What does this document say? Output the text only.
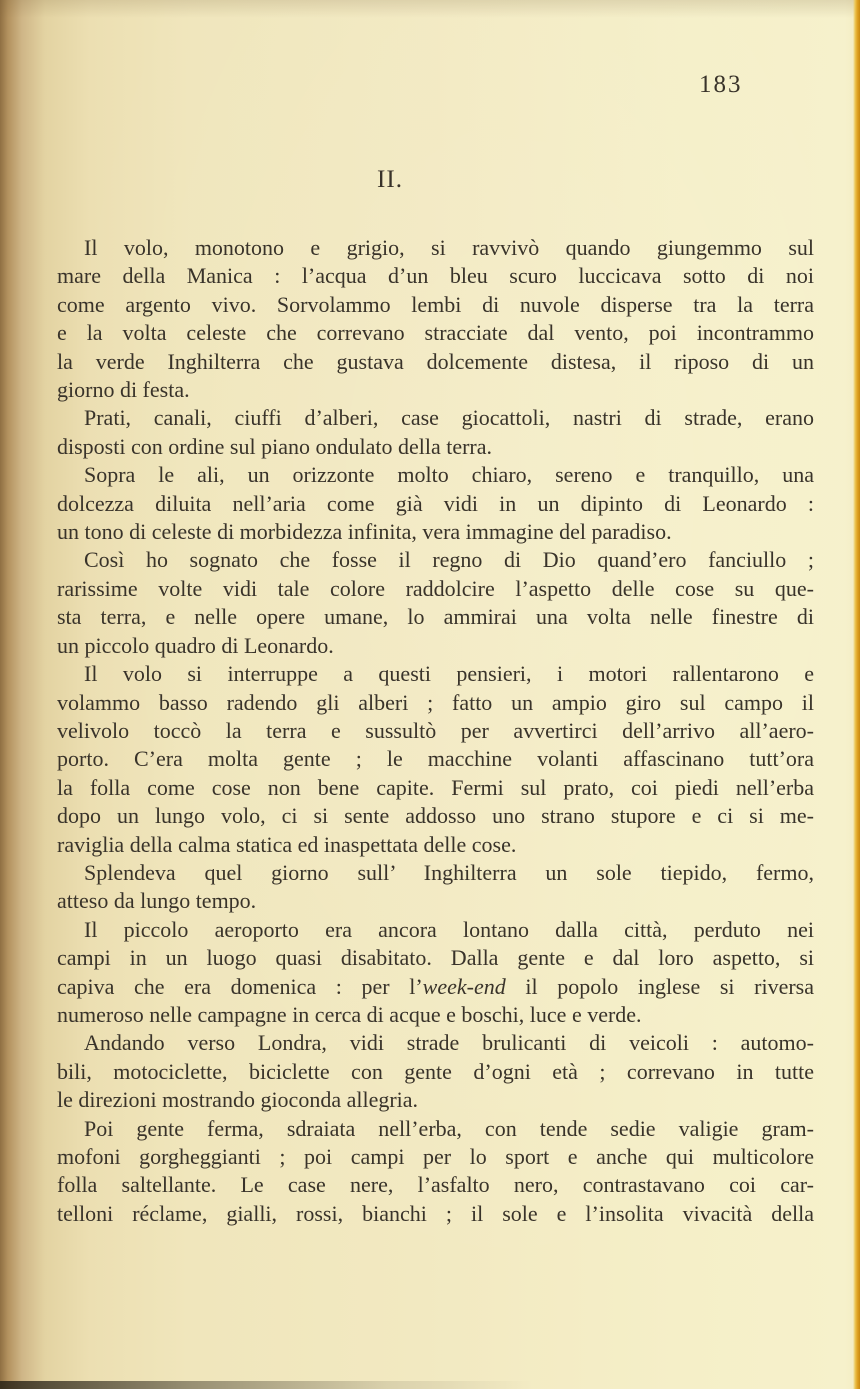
183
II.

Il volo, monotono e grigio, si ravvivò quando giungemmo sul
mare della Manica : l’acqua d’un bleu scuro luccicava sotto di noi
come argento vivo. Sorvolammo lembi di nuvole disperse tra la terra
e la volta celeste che correvano stracciate dal vento, poi incontrammo
la verde Inghilterra che gustava dolcemente distesa, il riposo di un
giorno di festa.

Prati, canali, ciuffi d’alberi, case giocattoli, nastri di strade, erano
disposti con ordine sul piano ondulato della terra.

Sopra le ali, un orizzonte molto chiaro, sereno e tranquillo, una
dolcezza diluita nell’aria come già vidi in un dipinto di Leonardo :
un tono di celeste di morbidezza infinita, vera immagine del paradiso.

Così ho sognato che fosse il regno di Dio quand’ero fanciullo ;
rarissime volte vidi tale colore raddolcire l’aspetto delle cose su que-
sta terra, e nelle opere umane, lo ammirai una volta nelle finestre di
un piccolo quadro di Leonardo.

Il volo si interruppe a questi pensieri, i motori rallentarono e
volammo basso radendo gli alberi ; fatto un ampio giro sul campo il
velivolo toccò la terra e sussultò per avvertirci dell’arrivo all’aero-
porto. C’era molta gente ; le macchine volanti affascinano tutt’ora
la folla come cose non bene capite. Fermi sul prato, coi piedi nell’erba
dopo un lungo volo, ci si sente addosso uno strano stupore e ci si me-
raviglia della calma statica ed inaspettata delle cose.

Splendeva quel giorno sull’ Inghilterra un sole tiepido, fermo,
atteso da lungo tempo.

Il piccolo aeroporto era ancora lontano dalla città, perduto nei
campi in un luogo quasi disabitato. Dalla gente e dal loro aspetto, si
capiva che era domenica : per l’week-end il popolo inglese si riversa
numeroso nelle campagne in cerca di acque e boschi, luce e verde.

Andando verso Londra, vidi strade brulicanti di veicoli : automo-
bili, motociclette, biciclette con gente d’ogni età ; correvano in tutte
le direzioni mostrando gioconda allegria.

Poi gente ferma, sdraiata nell’erba, con tende sedie valigie gram-
mofoni gorgheggianti ; poi campi per lo sport e anche qui multicolore
folla saltellante. Le case nere, l’asfalto nero, contrastavano coi car-
telloni réclame, gialli, rossi, bianchi ; il sole e l’insolita vivacità della
